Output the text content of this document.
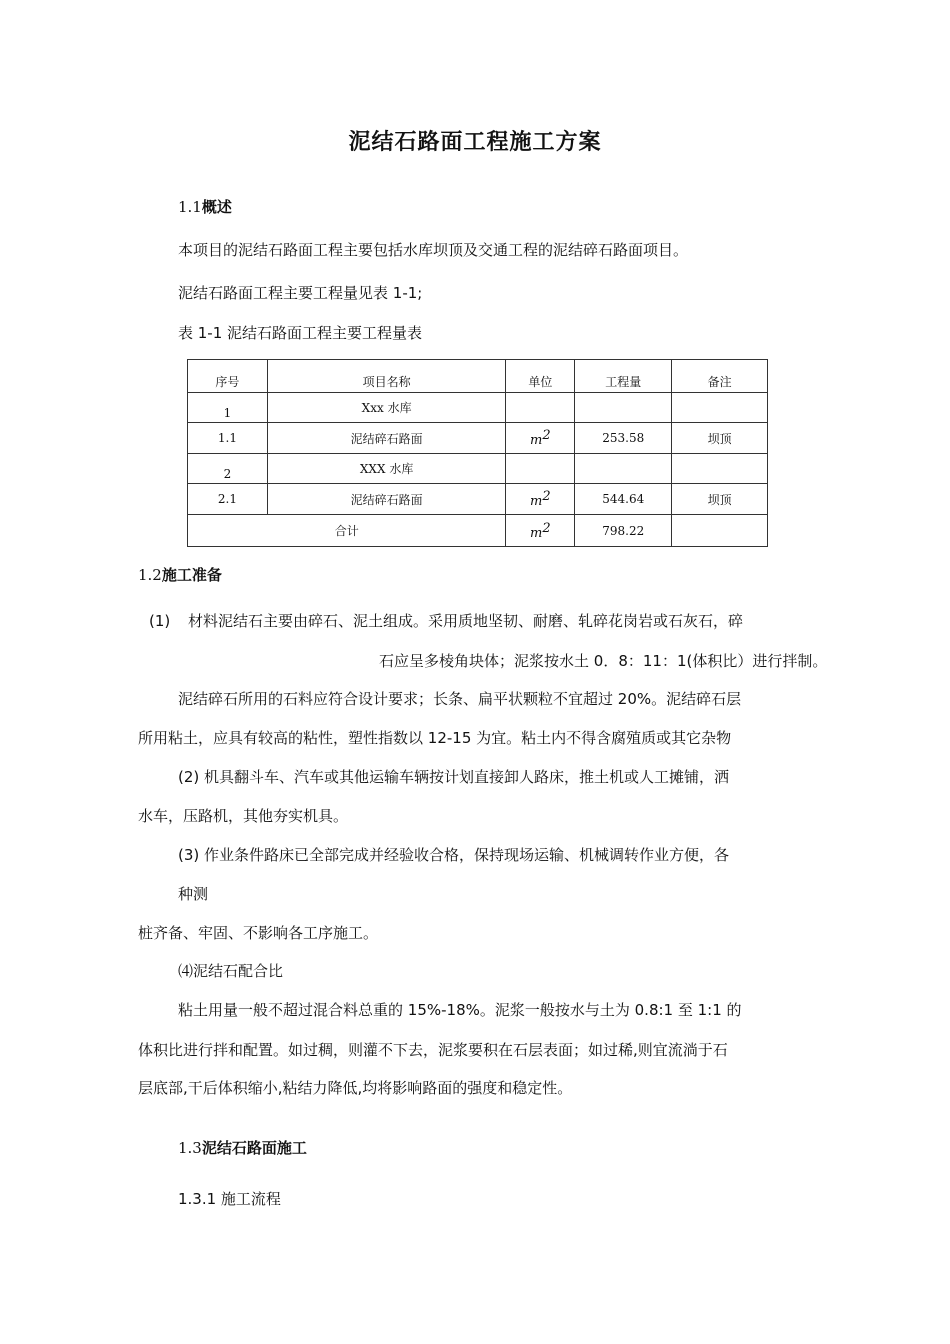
泥结石路面工程施工方案
1.1概述
本项目的泥结石路面工程主要包括水库坝顶及交通工程的泥结碎石路面项目。
泥结石路面工程主要工程量见表 1-1;
表 1-1 泥结石路面工程主要工程量表
序号	项目名称	单位	工程量	备注
1	Xxx 水库			
1.1	泥结碎石路面	$m^2$	253.58	坝顶
2	XXX 水库			
2.1	泥结碎石路面	$m^2$	544.64	坝顶
合计		$m^2$	798.22	
1.2施工准备
(1) 材料泥结石主要由碎石、泥土组成。采用质地坚韧、耐磨、轧碎花岗岩或石灰石，碎
石应呈多棱角块体；泥浆按水土 0．8：11：1(体积比）进行拌制。
泥结碎石所用的石料应符合设计要求；长条、扁平状颗粒不宜超过 20%。泥结碎石层
所用粘土，应具有较高的粘性，塑性指数以 12-15 为宜。粘土内不得含腐殖质或其它杂物
(2) 机具翻斗车、汽车或其他运输车辆按计划直接卸人路床，推土机或人工摊铺，洒
水车，压路机，其他夯实机具。
(3) 作业条件路床已全部完成并经验收合格，保持现场运输、机械调转作业方便，各
种测
桩齐备、牢固、不影响各工序施工。
⑷泥结石配合比
粘土用量一般不超过混合料总重的 15%-18%。泥浆一般按水与土为 0.8:1 至 1:1 的
体积比进行拌和配置。如过稠，则灌不下去，泥浆要积在石层表面；如过稀,则宜流淌于石
层底部,干后体积缩小,粘结力降低,均将影响路面的强度和稳定性。
1.3泥结石路面施工
1.3.1 施工流程
